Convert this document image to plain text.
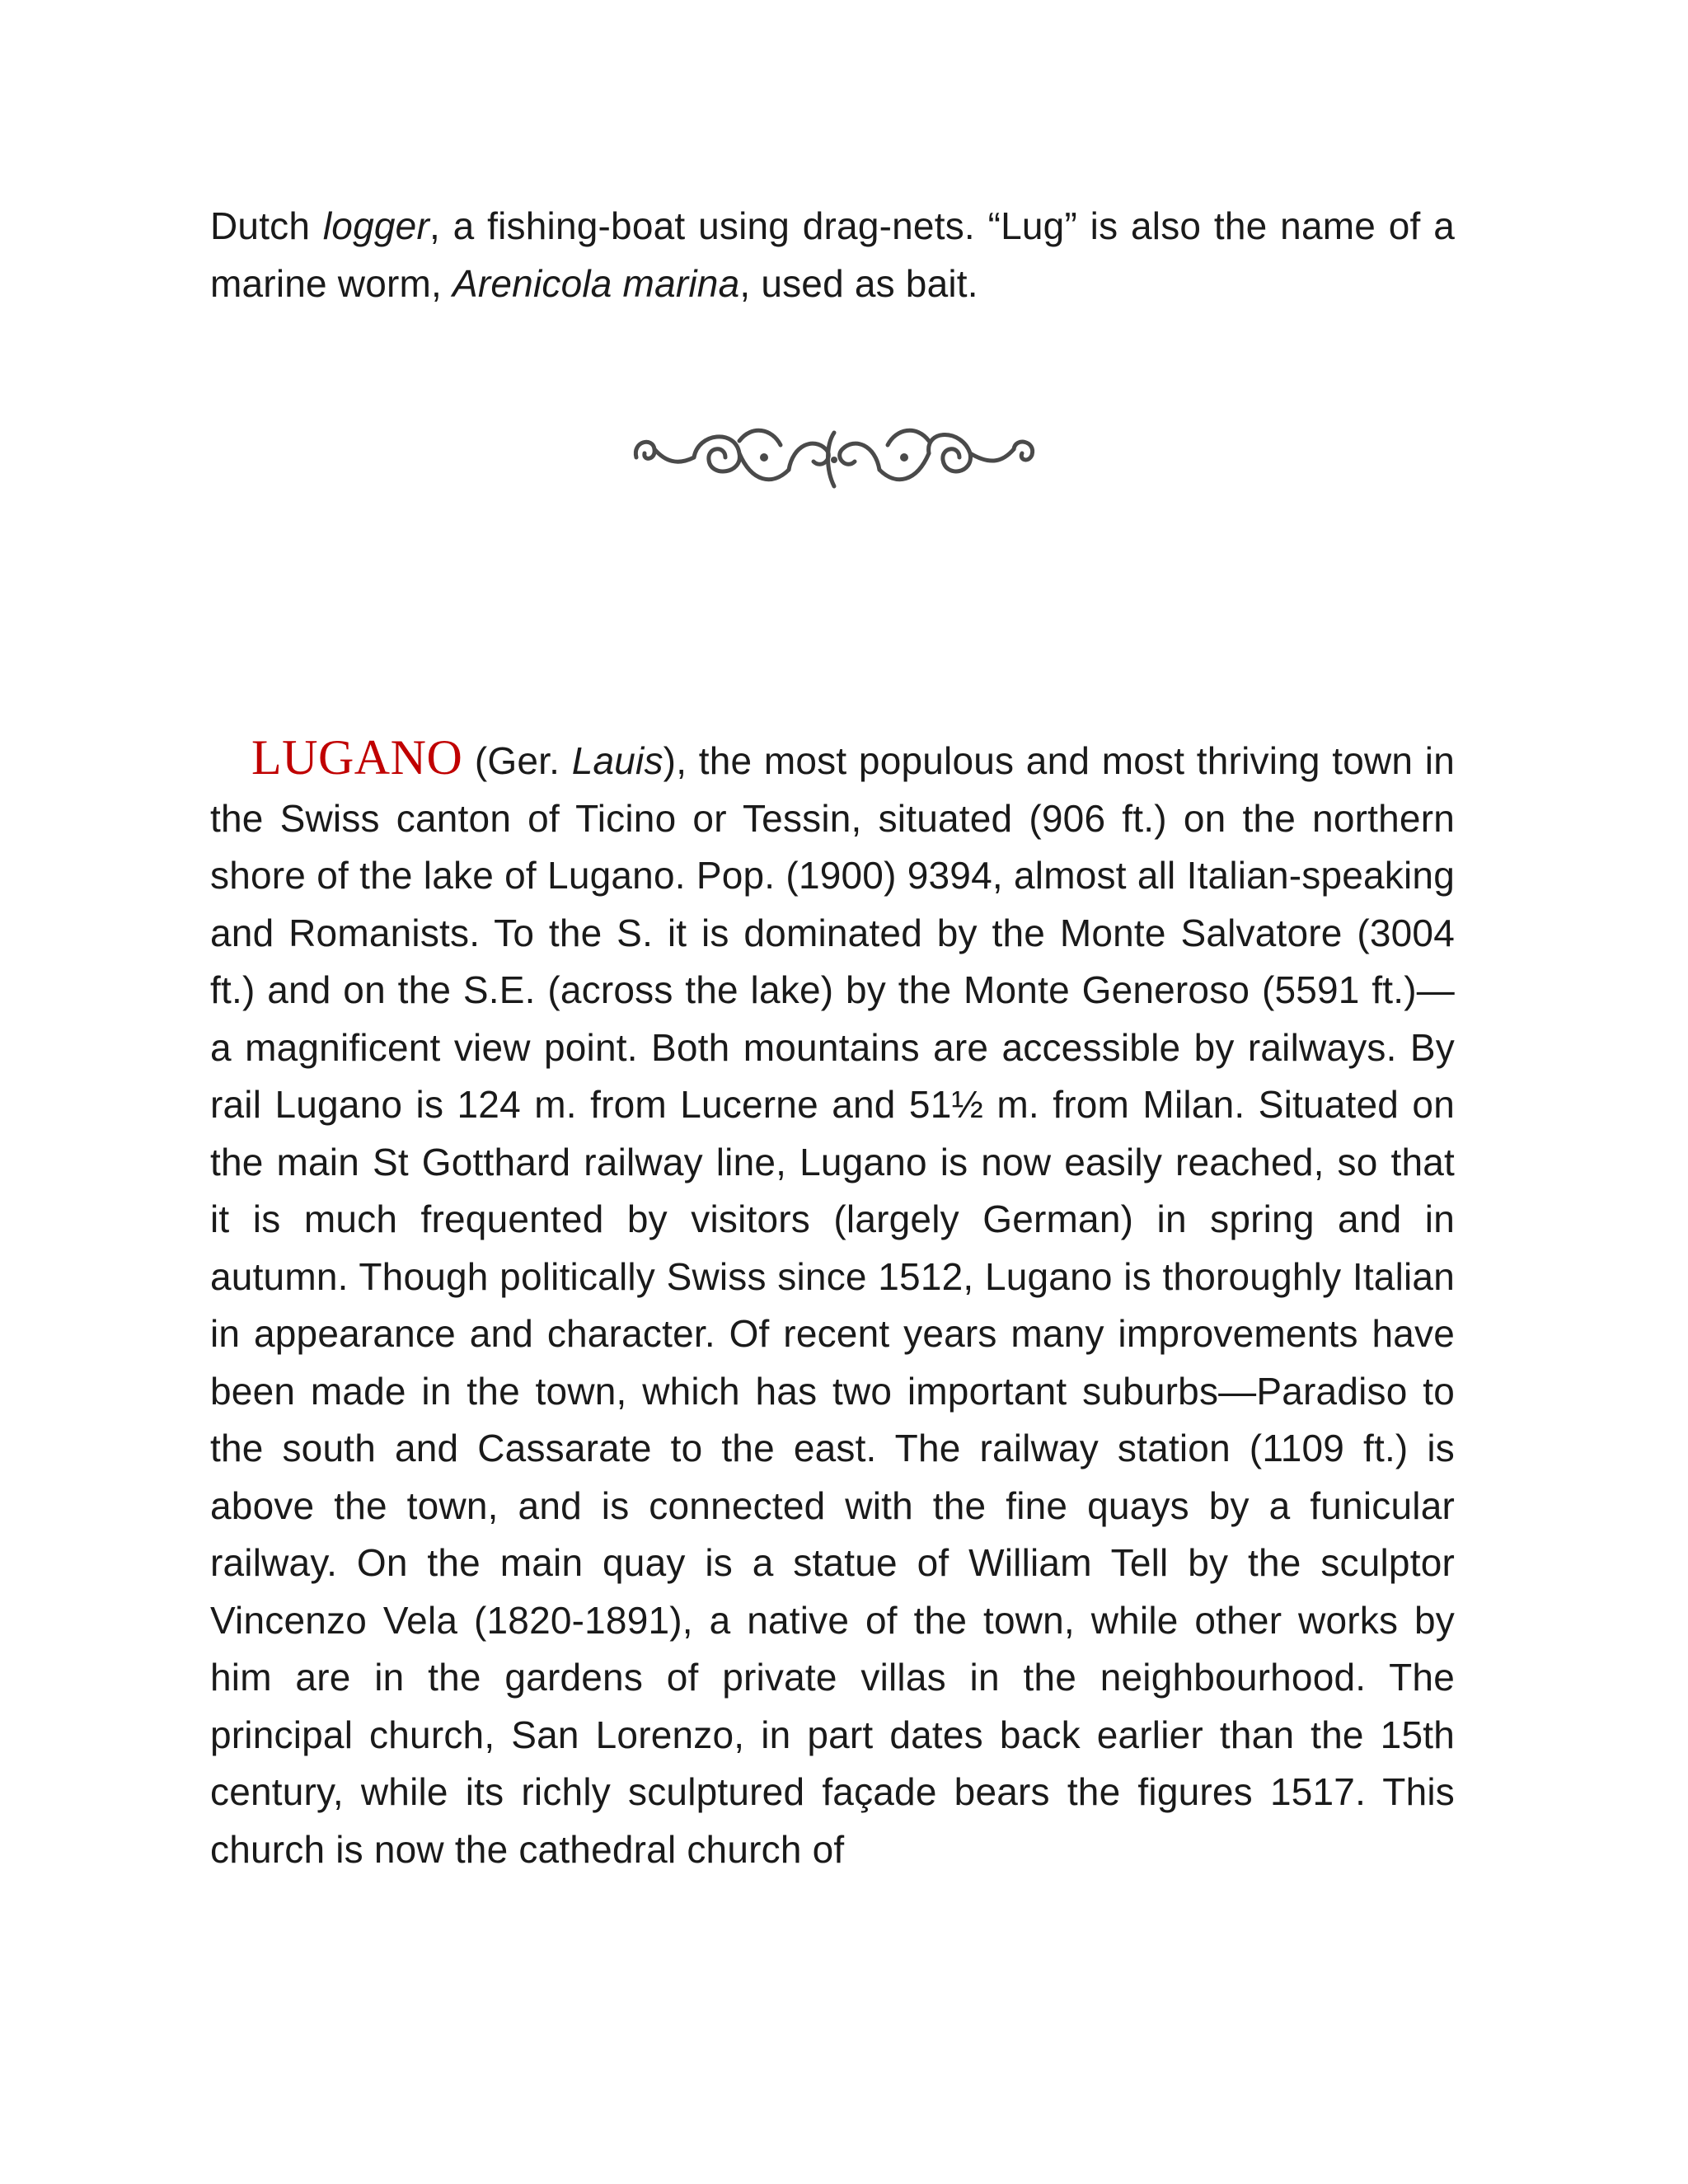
Dutch logger, a fishing-boat using drag-nets. “Lug” is also the name of a marine worm, Arenicola marina, used as bait.

LUGANO (Ger. Lauis), the most populous and most thriving town in the Swiss canton of Ticino or Tessin, situated (906 ft.) on the northern shore of the lake of Lugano. Pop. (1900) 9394, almost all Italian-speaking and Romanists. To the S. it is dominated by the Monte Salvatore (3004 ft.) and on the S.E. (across the lake) by the Monte Generoso (5591 ft.)—a magnificent view point. Both mountains are accessible by railways. By rail Lugano is 124 m. from Lucerne and 51½ m. from Milan. Situated on the main St Gotthard railway line, Lugano is now easily reached, so that it is much frequented by visitors (largely German) in spring and in autumn. Though politically Swiss since 1512, Lugano is thoroughly Italian in appearance and character. Of recent years many improvements have been made in the town, which has two important suburbs—Paradiso to the south and Cassarate to the east. The railway station (1109 ft.) is above the town, and is connected with the fine quays by a funicular railway. On the main quay is a statue of William Tell by the sculptor Vincenzo Vela (1820-1891), a native of the town, while other works by him are in the gardens of private villas in the neighbourhood. The principal church, San Lorenzo, in part dates back earlier than the 15th century, while its richly sculptured façade bears the figures 1517. This church is now the cathedral church of
